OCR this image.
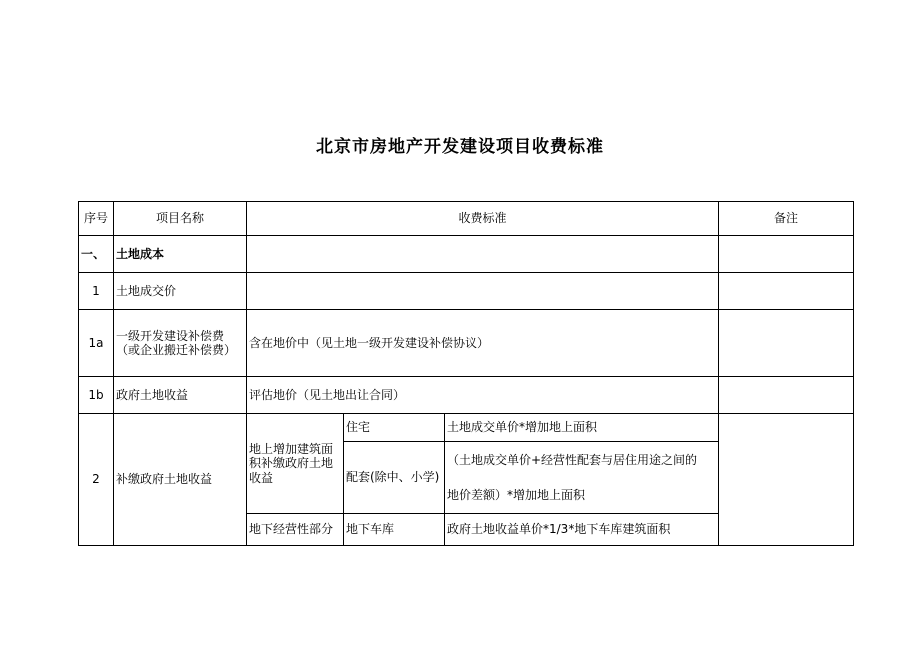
北京市房地产开发建设项目收费标准
序号	项目名称	收费标准			备注
一、	土地成本				
1	土地成交价				
1a	一级开发建设补偿费
（或企业搬迁补偿费）	含在地价中（见土地一级开发建设补偿协议）			
1b	政府土地收益	评估地价（见土地出让合同）			
2	补缴政府土地收益	地上增加建筑面
积补缴政府土地
收益	住宅	土地成交单价*增加地上面积	
			配套(除中、小学)	（土地成交单价+经营性配套与居住用途之间的	
				地价差额）*增加地上面积	
		地下经营性部分	地下车库	政府土地收益单价*1/3*地下车库建筑面积	
